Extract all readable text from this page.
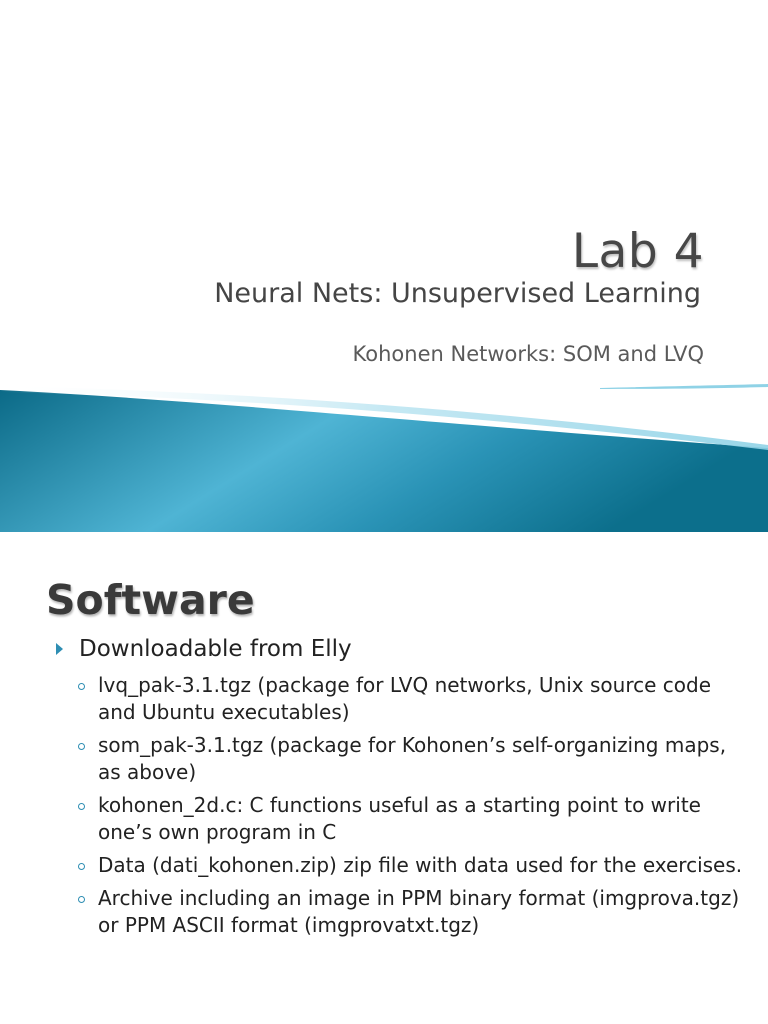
Lab 4
Neural Nets: Unsupervised Learning
Kohonen Networks: SOM and LVQ
Software
Downloadable from Elly
lvq_pak-3.1.tgz (package for LVQ networks, Unix source code and Ubuntu executables)
som_pak-3.1.tgz (package for Kohonen’s self-organizing maps, as above)
kohonen_2d.c: C functions useful as a starting point to write one’s own program in C
Data (dati_kohonen.zip) zip file with data used for the exercises.
Archive including an image in PPM binary format (imgprova.tgz) or PPM ASCII format (imgprovatxt.tgz)
